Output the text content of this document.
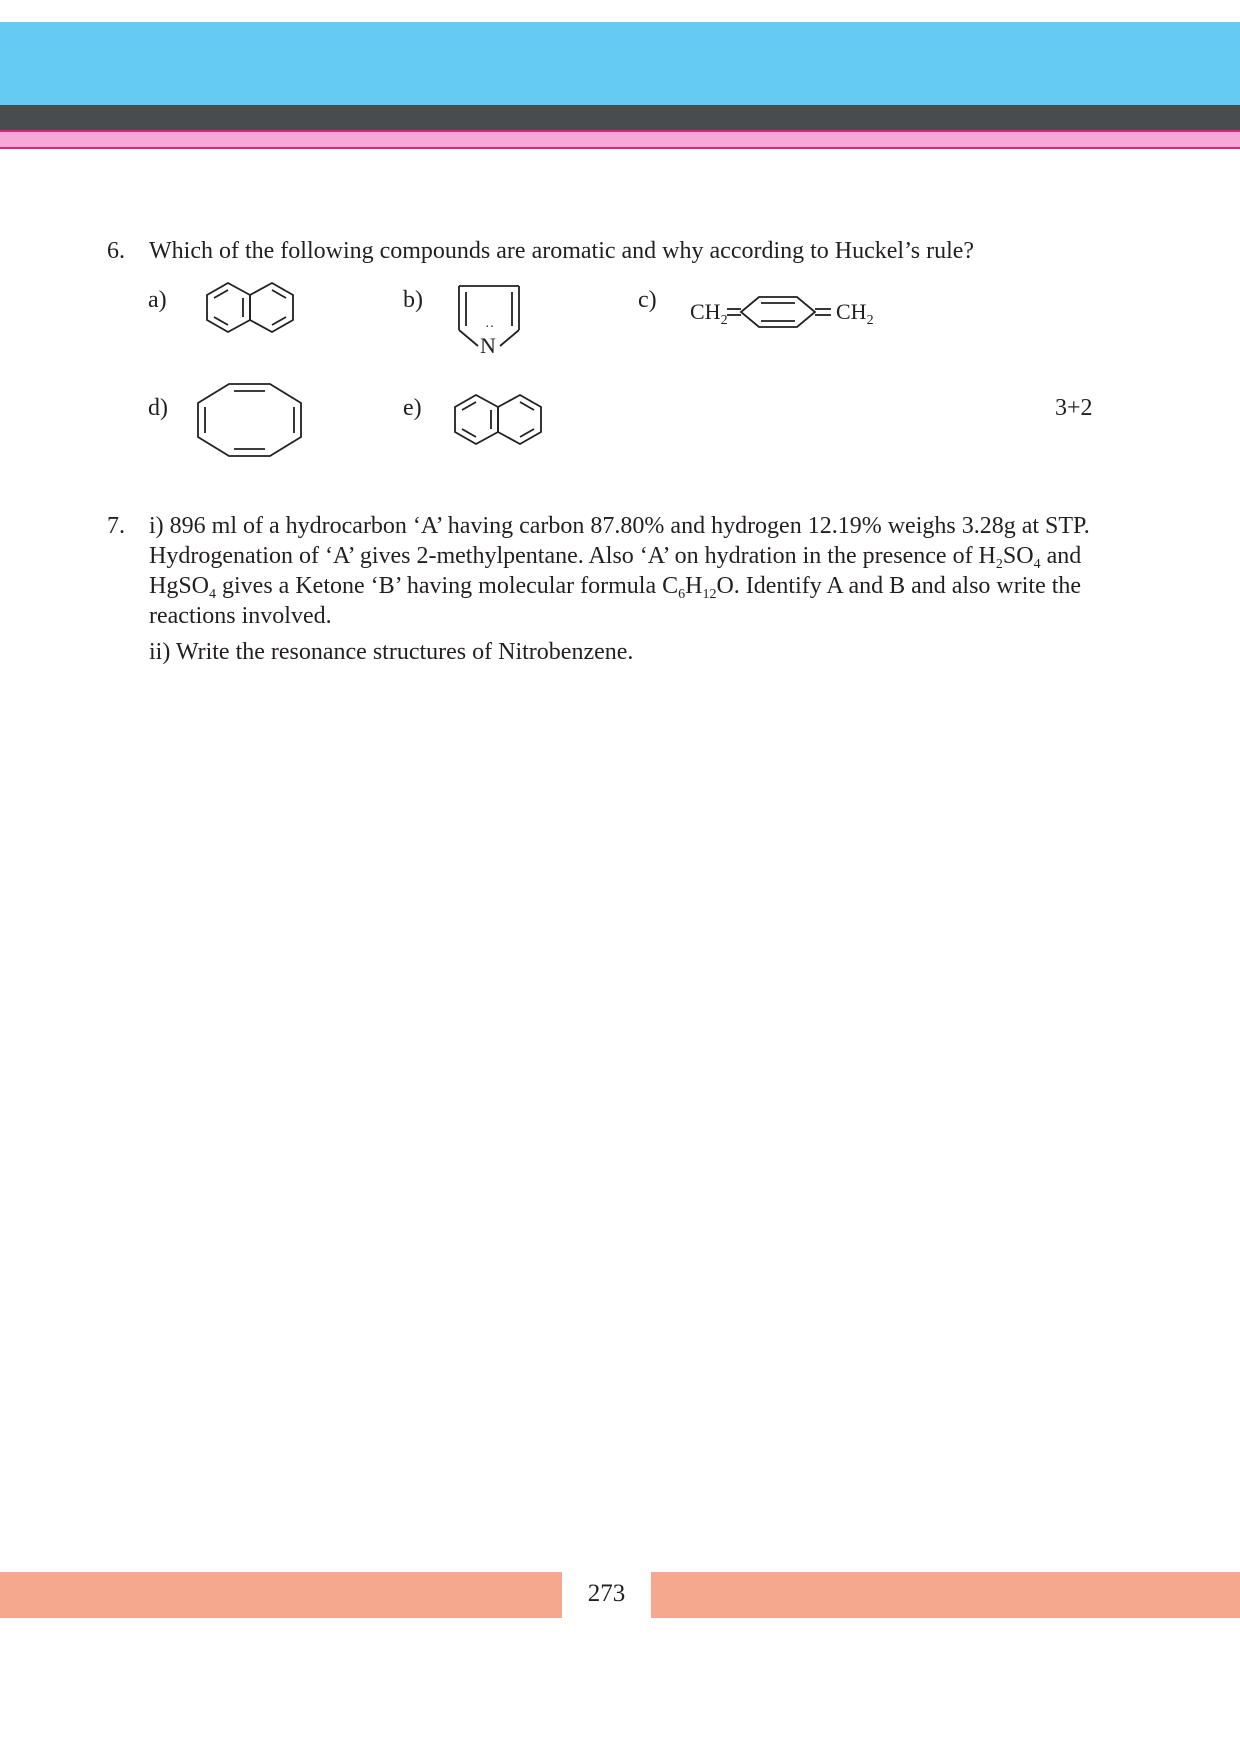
6. Which of the following compounds are aromatic and why according to Huckel’s rule?
a)	b)	c)
d)	e)
N
··
$CH_2$	$CH_2$
3+2
7. i) 896 ml of a hydrocarbon ‘A’ having carbon 87.80% and hydrogen 12.19% weighs 3.28g at STP.
Hydrogenation of ‘A’ gives 2-methylpentane. Also ‘A’ on hydration in the presence of $H_2SO_4$ and
HgSO$_4$ gives a Ketone ‘B’ having molecular formula $C_6H_{12}O$. Identify A and B and also write the
reactions involved.
ii) Write the resonance structures of Nitrobenzene.
273
